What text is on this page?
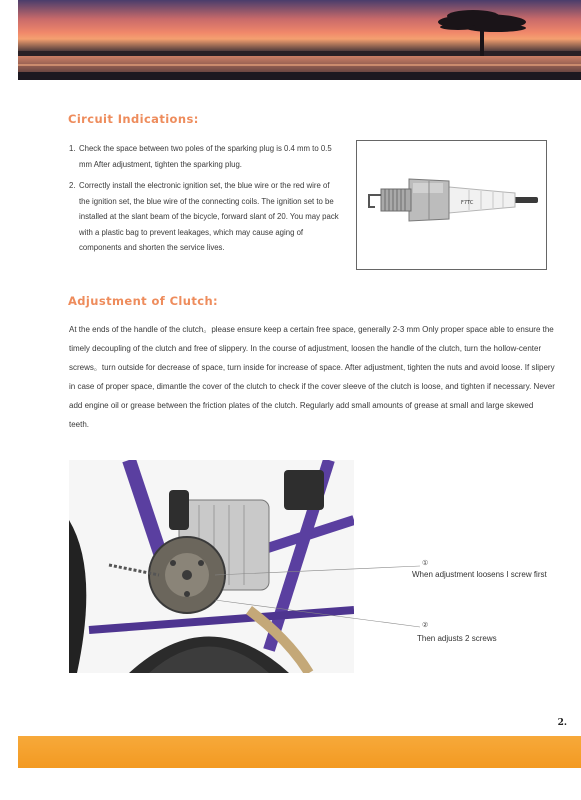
Circuit Indications:
1. Check the space between two poles of the sparking plug is 0.4 mm to 0.5 mm After adjustment, tighten the sparking plug.
2. Correctly install the electronic ignition set, the blue wire or the red wire of the ignition set, the blue wire of the connecting coils. The ignition set to be installed at the slant beam of the bicycle, forward slant of 20. You may pack with a plastic bag to prevent leakages, which may cause aging of components and shorten the service lives.
F7TC
Adjustment of Clutch:

At the ends of the handle of the clutch。please ensure keep a certain free space, generally 2-3 mm Only proper space able to ensure the timely decoupling of the clutch and free of slippery. In the course of adjustment, loosen the handle of the clutch, turn the hollow-center screws。turn outside for decrease of space, turn inside for increase of space. After adjustment, tighten the nuts and avoid loose. If slipery in case of proper space, dimantle the cover of the clutch to check if the cover sleeve of the clutch is loose, and tighten if necessary. Never add engine oil or grease between the friction plates of the clutch. Regularly add small amounts of grease at small and large skewed teeth.

①
When adjustment loosens I screw first
②
Then adjusts 2 screws
2.
